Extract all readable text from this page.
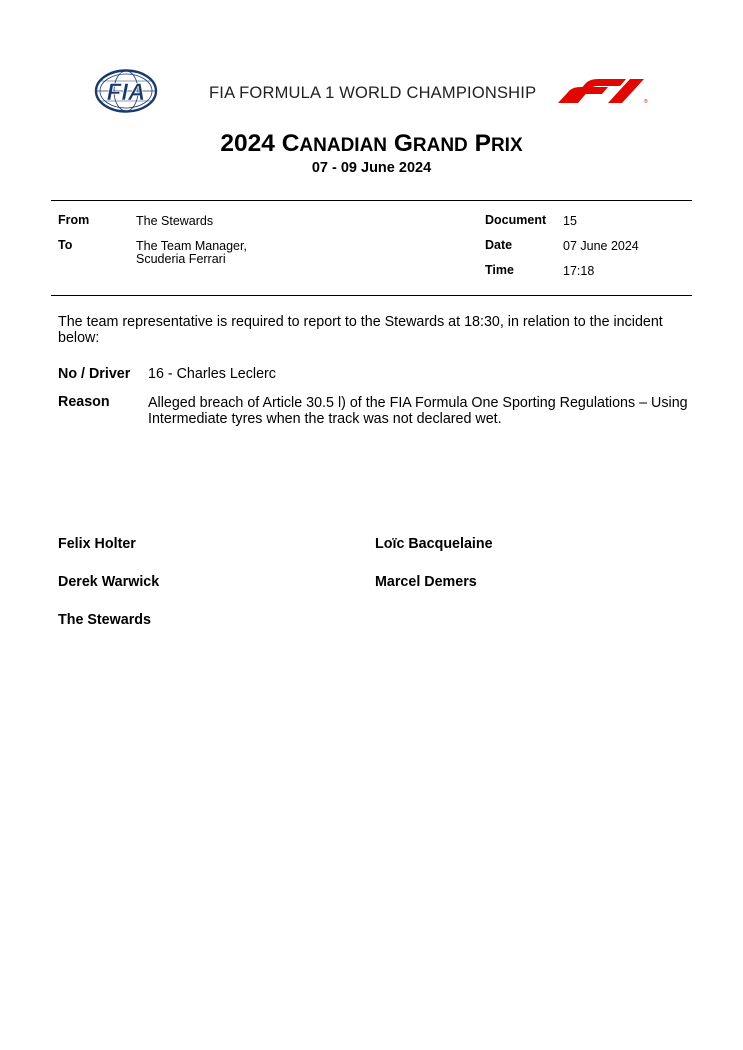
FIA	FIA FORMULA 1 WORLD CHAMPIONSHIP	®
2024 CANADIAN GRAND PRIX
07 - 09 June 2024
From	The Stewards
To	The Team Manager,
Scuderia Ferrari
Document 15
Date	07 June 2024
Time	17:18
The team representative is required to report to the Stewards at 18:30, in relation to the incident below:
No / Driver 16 - Charles Leclerc
Reason	Alleged breach of Article 30.5 l) of the FIA Formula One Sporting Regulations – Using Intermediate tyres when the track was not declared wet.
Felix Holter	Loïc Bacquelaine
Derek Warwick	Marcel Demers
The Stewards
